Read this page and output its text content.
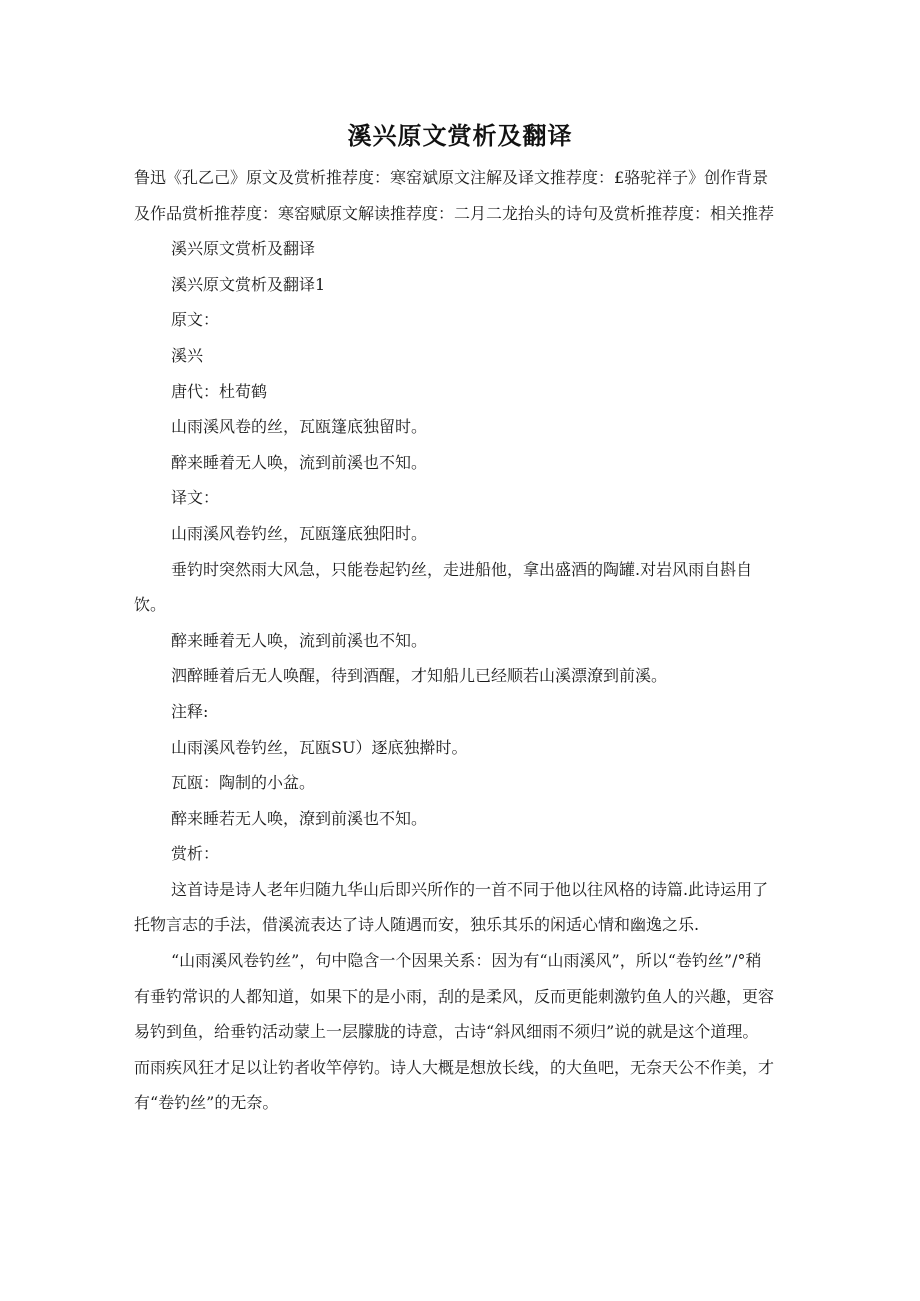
溪兴原文赏析及翻译

鲁迅《孔乙己》原文及赏析推荐度：寒窑斌原文注解及译文推荐度：£骆驼祥子》创作背景及作品赏析推荐度：寒窑赋原文解读推荐度：二月二龙抬头的诗句及赏析推荐度：相关推荐

溪兴原文赏析及翻译

溪兴原文赏析及翻译1

原文：

溪兴

唐代：杜荀鹤

山雨溪风卷的丝，瓦瓯篷底独留时。

醉来睡着无人唤，流到前溪也不知。

译文：

山雨溪风卷钓丝，瓦瓯篷底独阳时。

垂钓时突然雨大风急，只能卷起钓丝，走进船他，拿出盛酒的陶罐.对岩风雨自斟自饮。

醉来睡着无人唤，流到前溪也不知。

泗醉睡着后无人唤醒，待到酒醒，才知船儿已经顺若山溪漂潦到前溪。

注释:

山雨溪风卷钓丝，瓦瓯SU）逐底独擀时。

瓦瓯：陶制的小盆。

醉来睡若无人唤，潦到前溪也不知。

赏析：

这首诗是诗人老年归随九华山后即兴所作的一首不同于他以往风格的诗篇.此诗运用了托物言志的手法，借溪流表达了诗人随遇而安，独乐其乐的闲适心情和幽逸之乐.

“山雨溪风卷钓丝”，句中隐含一个因果关系：因为有“山雨溪风”，所以“卷钓丝”/°稍有垂钓常识的人都知道，如果下的是小雨，刮的是柔风，反而更能刺激钓鱼人的兴趣，更容易钓到鱼，给垂钓活动蒙上一层朦胧的诗意，古诗“斜风细雨不须归”说的就是这个道理。而雨疾风狂才足以让钓者收竿停钓。诗人大概是想放长线，的大鱼吧，无奈天公不作美，才有“卷钓丝”的无奈。
